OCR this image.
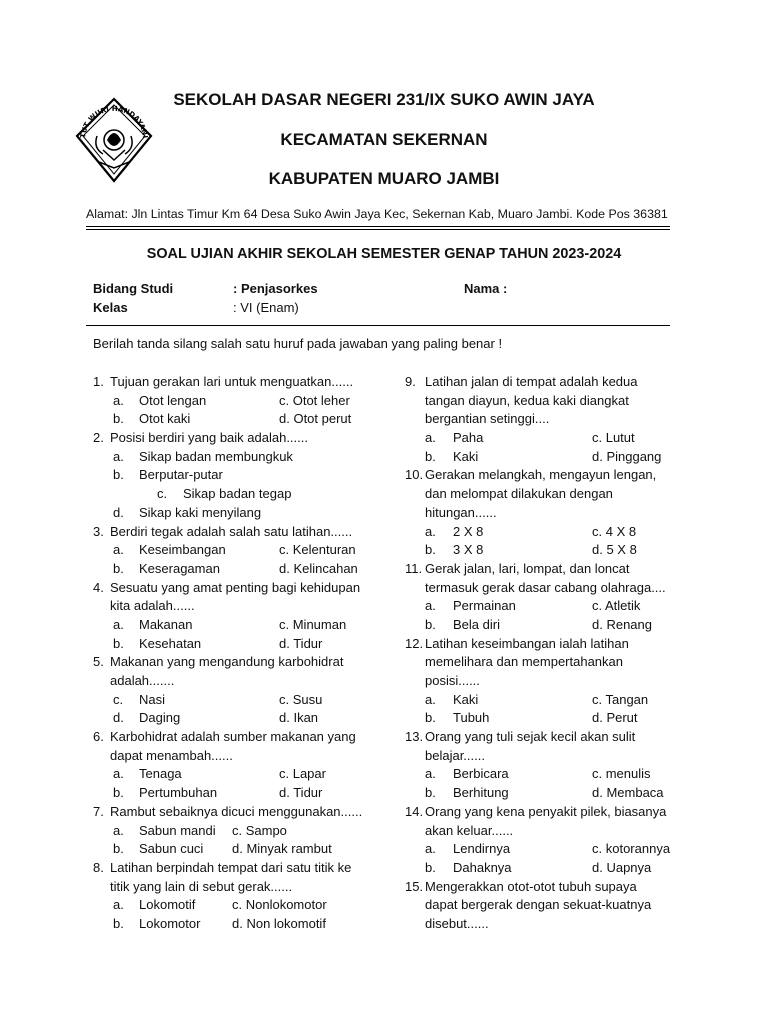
TUT WURI HANDAYANI
SEKOLAH DASAR NEGERI 231/IX SUKO AWIN JAYA
KECAMATAN SEKERNAN
KABUPATEN MUARO JAMBI
Alamat: Jln Lintas Timur Km 64 Desa Suko Awin Jaya Kec, Sekernan Kab, Muaro Jambi. Kode Pos 36381
SOAL UJIAN AKHIR SEKOLAH SEMESTER GENAP TAHUN 2023-2024
Bidang Studi	: Penjasorkes	Nama :
Kelas	: VI (Enam)
Berilah tanda silang salah satu huruf pada jawaban yang paling benar !
1. Tujuan gerakan lari untuk menguatkan......
a. Otot lengan	c. Otot leher
b. Otot kaki	d. Otot perut
2. Posisi berdiri yang baik adalah......
a. Sikap badan membungkuk
b. Berputar-putar
c. Sikap badan tegap
d. Sikap kaki menyilang
3. Berdiri tegak adalah salah satu latihan......
a. Keseimbangan	c. Kelenturan
b. Keseragaman	d. Kelincahan
4. Sesuatu yang amat penting bagi kehidupan
kita adalah......
a. Makanan	c. Minuman
b. Kesehatan	d. Tidur
5. Makanan yang mengandung karbohidrat
adalah.......
c. Nasi	c. Susu
d. Daging	d. Ikan
6. Karbohidrat adalah sumber makanan yang
dapat menambah......
a. Tenaga	c. Lapar
b. Pertumbuhan	d. Tidur
7. Rambut sebaiknya dicuci menggunakan......
a. Sabun mandi c. Sampo
b. Sabun cuci d. Minyak rambut
8. Latihan berpindah tempat dari satu titik ke
titik yang lain di sebut gerak......
a. Lokomotif	c. Nonlokomotor
b. Lokomotor d. Non lokomotif
9. Latihan jalan di tempat adalah kedua
tangan diayun, kedua kaki diangkat
bergantian setinggi....
a. Paha	c. Lutut
b. Kaki	d. Pinggang
10. Gerakan melangkah, mengayun lengan,
dan melompat dilakukan dengan
hitungan......
a. 2 X 8	c. 4 X 8
b. 3 X 8	d. 5 X 8
11. Gerak jalan, lari, lompat, dan loncat
termasuk gerak dasar cabang olahraga....
a. Permainan	c. Atletik
b. Bela diri	d. Renang
12. Latihan keseimbangan ialah latihan
memelihara dan mempertahankan
posisi......
a. Kaki	c. Tangan
b. Tubuh	d. Perut
13. Orang yang tuli sejak kecil akan sulit
belajar......
a. Berbicara	c. menulis
b. Berhitung	d. Membaca
14. Orang yang kena penyakit pilek, biasanya
akan keluar......
a. Lendirnya	c. kotorannya
b. Dahaknya	d. Uapnya
15. Mengerakkan otot-otot tubuh supaya
dapat bergerak dengan sekuat-kuatnya
disebut......
